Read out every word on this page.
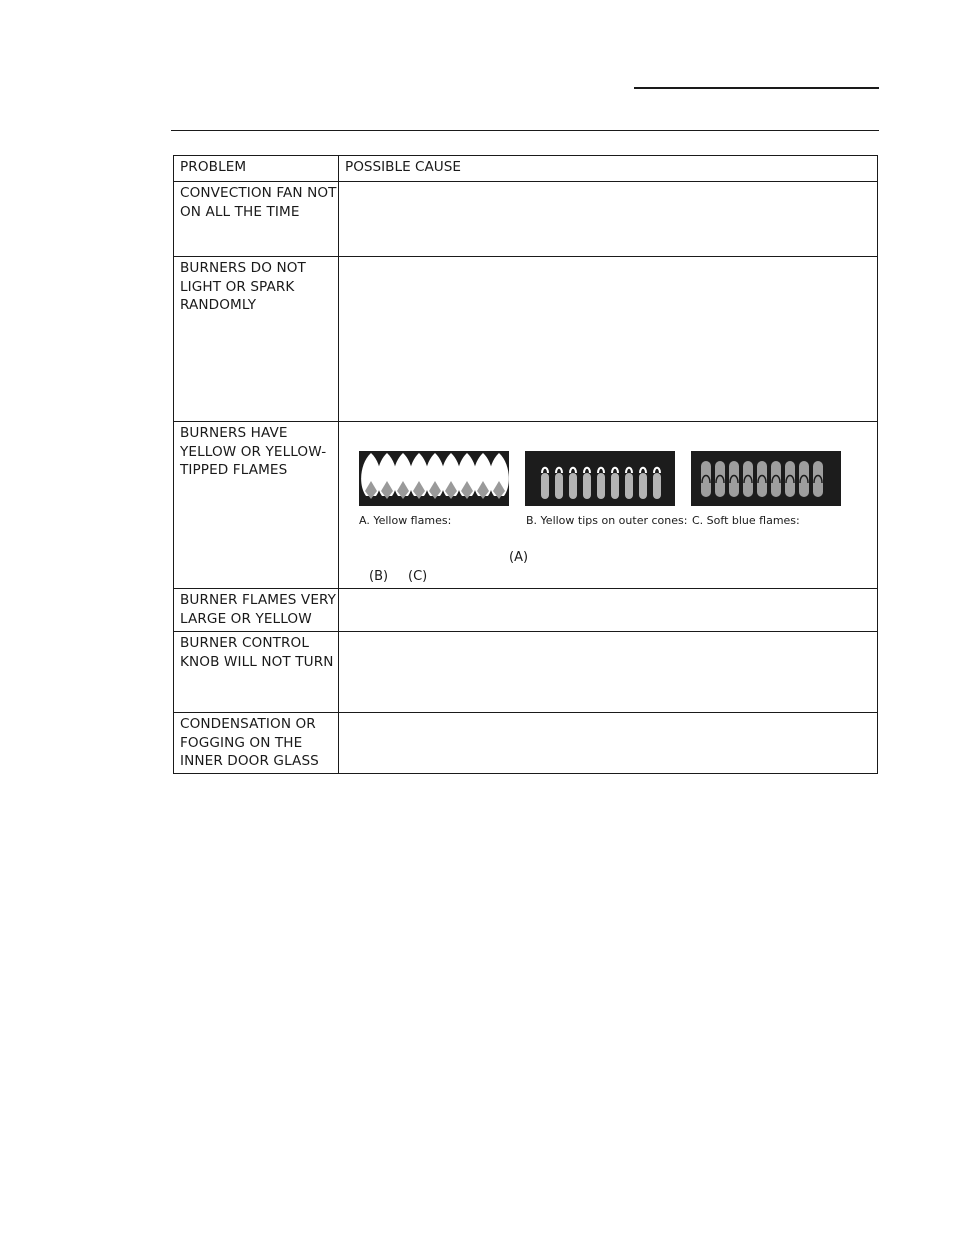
PROBLEM	POSSIBLE CAUSE
CONVECTION FAN NOT ON ALL THE TIME
BURNERS DO NOT LIGHT OR SPARK RANDOMLY
BURNERS HAVE YELLOW OR YELLOW-TIPPED FLAMES
A. Yellow flames:	B. Yellow tips on outer cones: C. Soft blue flames:
(A)
(B) (C)
BURNER FLAMES VERY LARGE OR YELLOW
BURNER CONTROL KNOB WILL NOT TURN
CONDENSATION OR FOGGING ON THE INNER DOOR GLASS
